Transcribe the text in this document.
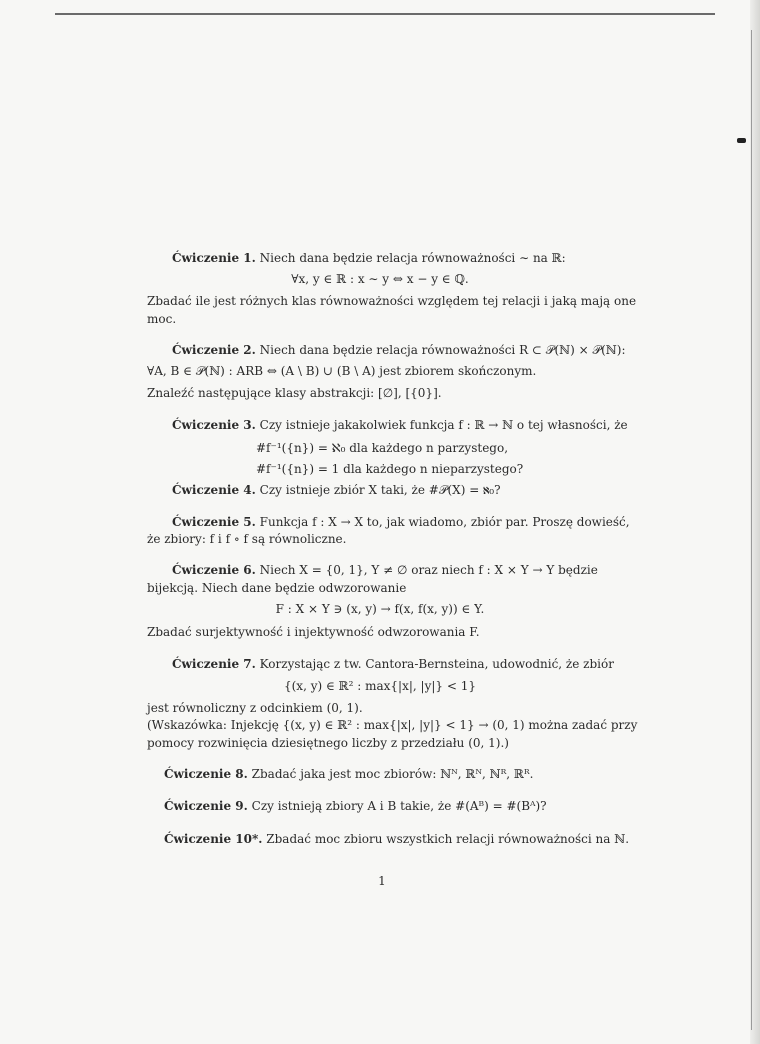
Ćwiczenie 1. Niech dana będzie relacja równoważności ∼ na ℝ:
∀x, y ∈ ℝ : x ∼ y ⇔ x − y ∈ ℚ.
Zbadać ile jest różnych klas równoważności względem tej relacji i jaką mają one
moc.
Ćwiczenie 2. Niech dana będzie relacja równoważności R ⊂ 𝒫(ℕ) × 𝒫(ℕ):
∀A, B ∈ 𝒫(ℕ) : ARB ⇔ (A \ B) ∪ (B \ A) jest zbiorem skończonym.
Znaleźć następujące klasy abstrakcji: [∅], [{0}].
Ćwiczenie 3. Czy istnieje jakakolwiek funkcja f : ℝ → ℕ o tej własności, że
#f⁻¹({n}) = ℵ₀ dla każdego n parzystego,
#f⁻¹({n}) = 1 dla każdego n nieparzystego?
Ćwiczenie 4. Czy istnieje zbiór X taki, że #𝒫(X) = ℵ₀?
Ćwiczenie 5. Funkcja f : X → X to, jak wiadomo, zbiór par. Proszę dowieść,
że zbiory: f i f ∘ f są równoliczne.
Ćwiczenie 6. Niech X = {0, 1}, Y ≠ ∅ oraz niech f : X × Y → Y będzie
bijekcją. Niech dane będzie odwzorowanie
F : X × Y ∋ (x, y) → f(x, f(x, y)) ∈ Y.
Zbadać surjektywność i injektywność odwzorowania F.
Ćwiczenie 7. Korzystając z tw. Cantora-Bernsteina, udowodnić, że zbiór
{(x, y) ∈ ℝ² : max{|x|, |y|} < 1}
jest równoliczny z odcinkiem (0, 1).
(Wskazówka: Injekcję {(x, y) ∈ ℝ² : max{|x|, |y|} < 1} → (0, 1) można zadać przy
pomocy rozwinięcia dziesiętnego liczby z przedziału (0, 1).)
Ćwiczenie 8. Zbadać jaka jest moc zbiorów: ℕᴺ, ℝᴺ, ℕᴿ, ℝᴿ.
Ćwiczenie 9. Czy istnieją zbiory A i B takie, że #(Aᴮ) = #(Bᴬ)?
Ćwiczenie 10*. Zbadać moc zbioru wszystkich relacji równoważności na ℕ.
1
